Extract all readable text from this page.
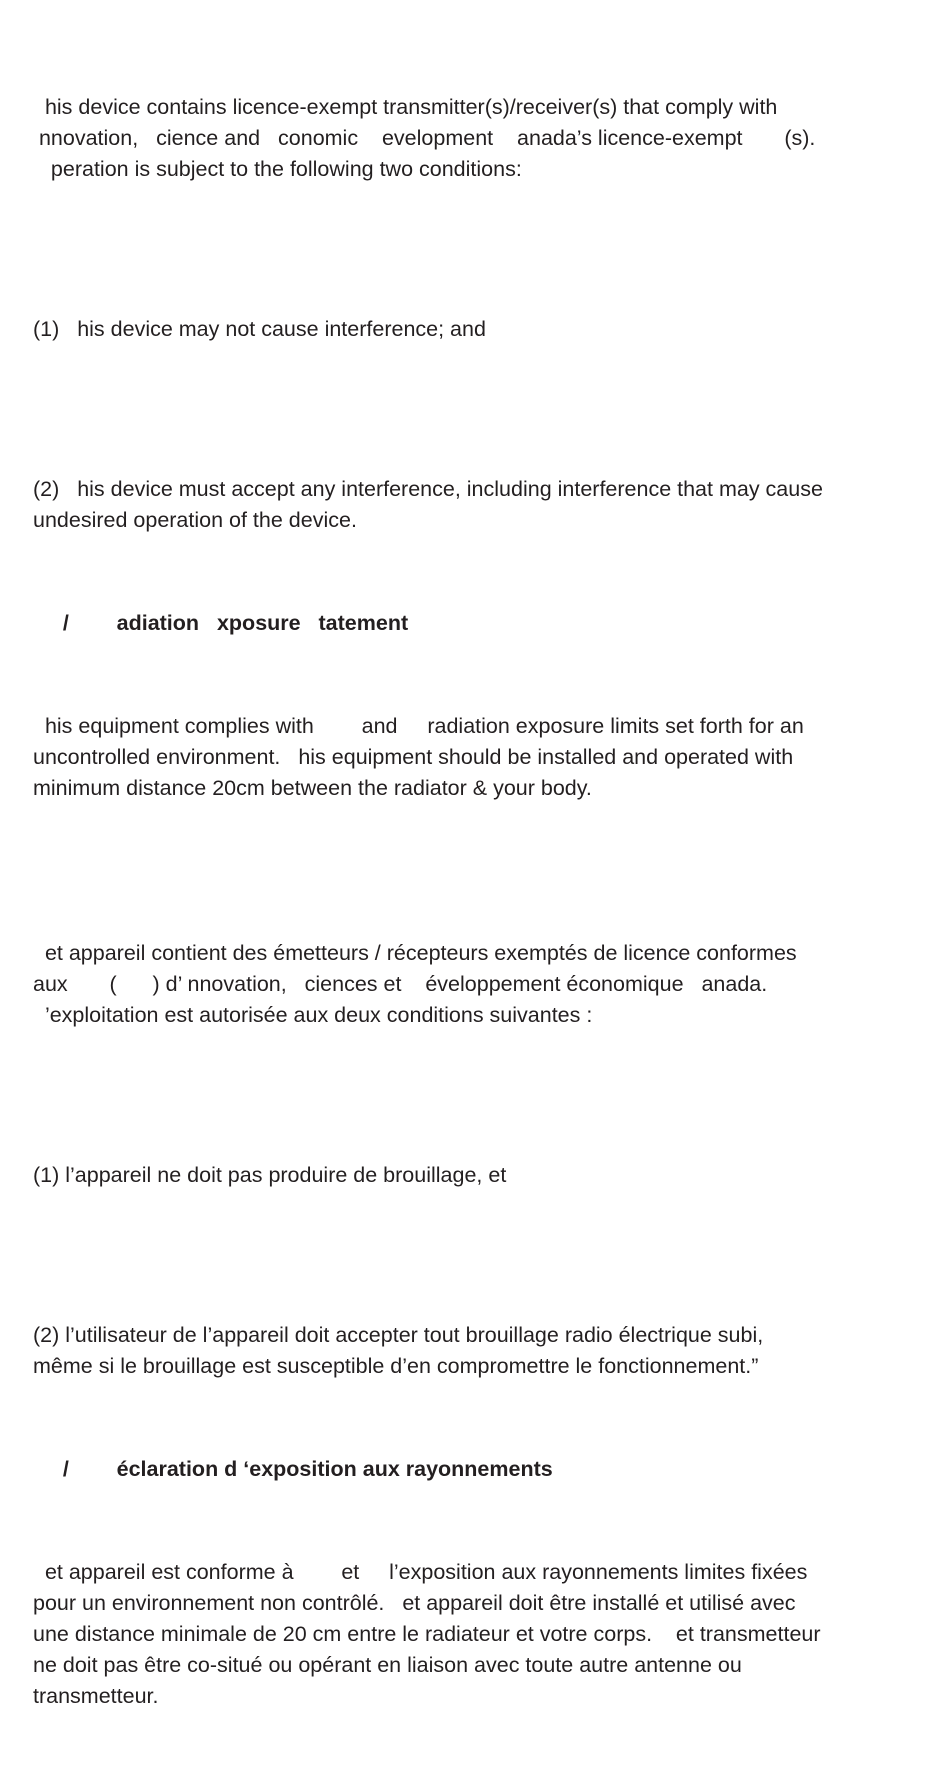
his device contains licence-exempt transmitter(s)/receiver(s) that comply with
nnovation,   cience and   conomic    evelopment    anada’s licence-exempt       (s).
peration is subject to the following two conditions:

(1)   his device may not cause interference; and

(2)   his device must accept any interference, including interference that may cause
undesired operation of the device.

/        adiation   xposure   tatement

his equipment complies with        and     radiation exposure limits set forth for an
uncontrolled environment.   his equipment should be installed and operated with
minimum distance 20cm between the radiator & your body.

et appareil contient des émetteurs / récepteurs exemptés de licence conformes
aux       (      ) d’ nnovation,   ciences et    éveloppement économique   anada.
’exploitation est autorisée aux deux conditions suivantes :

(1) l’appareil ne doit pas produire de brouillage, et

(2) l’utilisateur de l’appareil doit accepter tout brouillage radio électrique subi,
même si le brouillage est susceptible d’en compromettre le fonctionnement.”

/        éclaration d ‘exposition aux rayonnements

et appareil est conforme à        et     l’exposition aux rayonnements limites fixées
pour un environnement non contrôlé.   et appareil doit être installé et utilisé avec
une distance minimale de 20 cm entre le radiateur et votre corps.    et transmetteur
ne doit pas être co-situé ou opérant en liaison avec toute autre antenne ou
transmetteur.
